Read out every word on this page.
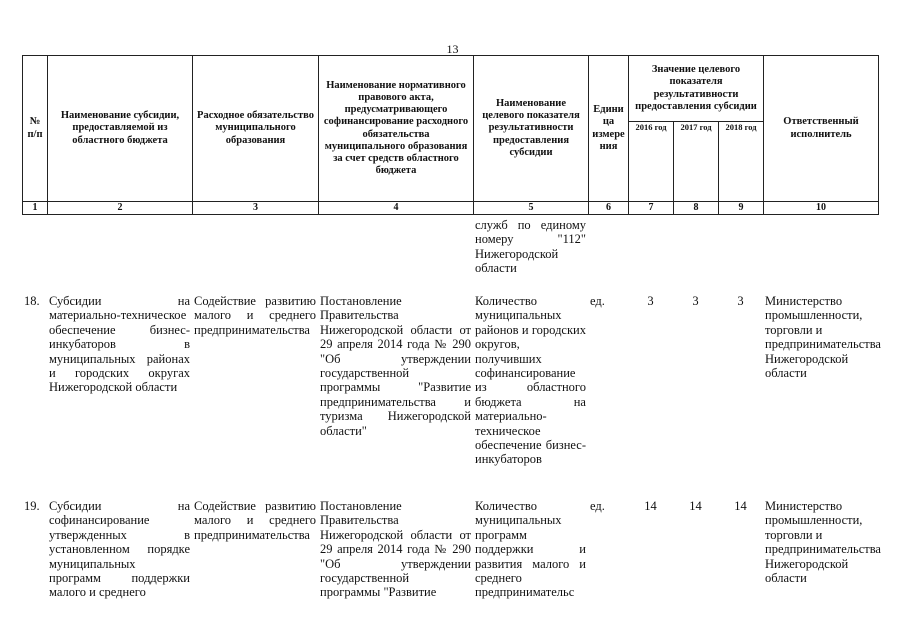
13
№ п/п	Наименование субсидии, предоставляемой из областного бюджета	Расходное обязательство муниципального образования	Наименование нормативного правового акта, предусматривающего софинансирование расходного обязательства муниципального образования за счет средств областного бюджета	Наименование целевого показателя результативности предоставления субсидии	Едини ца измере ния	Значение целевого показателя результативности предоставления субсидии			Ответственный исполнитель
						2016 год	2017 год	2018 год	
1	2	3	4	5	6	7	8	9	10
				служб по единому номеру "112" Нижегородской области					
18.	Субсидии на материально-техническое обеспечение бизнес-инкубаторов в муниципальных районах и городских округах Нижегородской области	Содействие развитию малого и среднего предпринимательства	Постановление Правительства Нижегородской области от 29 апреля 2014 года № 290 "Об утверждении государственной программы "Развитие предпринимательства и туризма Нижегородской области"	Количество муниципальных районов и городских округов, получивших софинансирование из областного бюджета на материально-техническое обеспечение бизнес-инкубаторов	ед.	3	3	3	Министерство промышленности, торговли и предпринимательства Нижегородской области
19.	Субсидии на софинансирование утвержденных в установленном порядке муниципальных программ поддержки малого и среднего	Содействие развитию малого и среднего предпринимательства	Постановление Правительства Нижегородской области от 29 апреля 2014 года № 290 "Об утверждении государственной программы "Развитие	Количество муниципальных программ поддержки и развития малого и среднего предпринимательс	ед.	14	14	14	Министерство промышленности, торговли и предпринимательства Нижегородской области
